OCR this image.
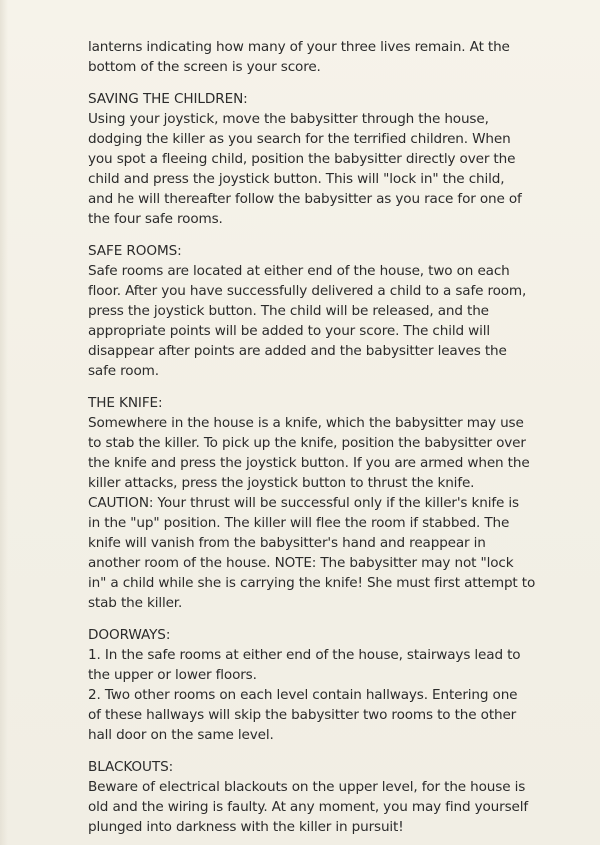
lanterns indicating how many of your three lives remain. At the

bottom of the screen is your score.

SAVING THE CHILDREN:

Using your joystick, move the babysitter through the house,

dodging the killer as you search for the terrified children. When

you spot a fleeing child, position the babysitter directly over the

child and press the joystick button. This will "lock in" the child,

and he will thereafter follow the babysitter as you race for one of

the four safe rooms.

SAFE ROOMS:

Safe rooms are located at either end of the house, two on each

floor. After you have successfully delivered a child to a safe room,

press the joystick button. The child will be released, and the

appropriate points will be added to your score. The child will

disappear after points are added and the babysitter leaves the

safe room.

THE KNIFE:

Somewhere in the house is a knife, which the babysitter may use

to stab the killer. To pick up the knife, position the babysitter over

the knife and press the joystick button. If you are armed when the

killer attacks, press the joystick button to thrust the knife.

CAUTION: Your thrust will be successful only if the killer's knife is

in the "up" position. The killer will flee the room if stabbed. The

knife will vanish from the babysitter's hand and reappear in

another room of the house. NOTE: The babysitter may not "lock

in" a child while she is carrying the knife! She must first attempt to

stab the killer.

DOORWAYS:

1. In the safe rooms at either end of the house, stairways lead to

the upper or lower floors.

2. Two other rooms on each level contain hallways. Entering one

of these hallways will skip the babysitter two rooms to the other

hall door on the same level.

BLACKOUTS:

Beware of electrical blackouts on the upper level, for the house is

old and the wiring is faulty. At any moment, you may find yourself

plunged into darkness with the killer in pursuit!
